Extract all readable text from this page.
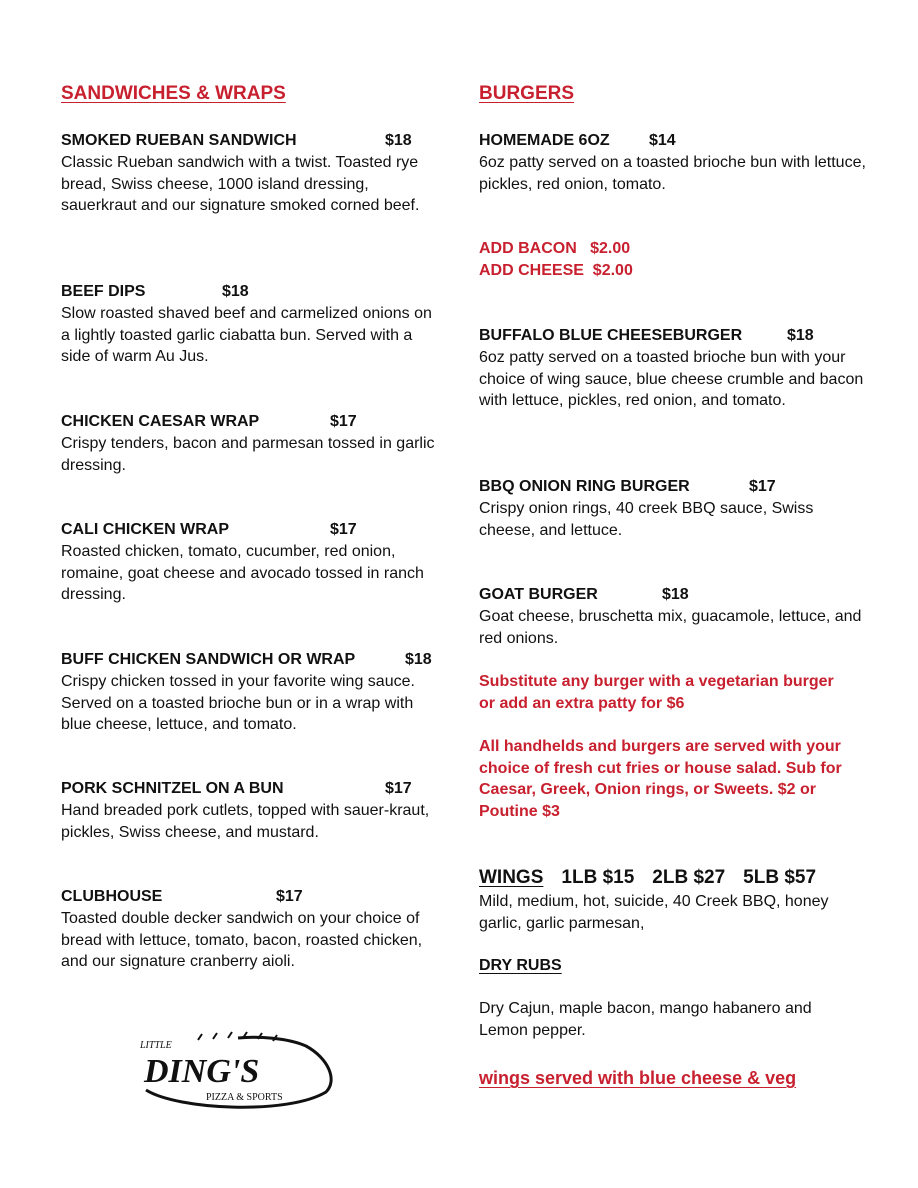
SANDWICHES & WRAPS
SMOKED RUEBAN SANDWICH	$18
Classic Rueban sandwich with a twist. Toasted rye bread, Swiss cheese, 1000 island dressing, sauerkraut and our signature smoked corned beef.
BEEF DIPS	$18
Slow roasted shaved beef and carmelized onions on a lightly toasted garlic ciabatta bun. Served with a side of warm Au Jus.
CHICKEN CAESAR WRAP	$17
Crispy tenders, bacon and parmesan tossed in garlic dressing.
CALI CHICKEN WRAP	$17
Roasted chicken, tomato, cucumber, red onion, romaine, goat cheese and avocado tossed in ranch dressing.
BUFF CHICKEN SANDWICH OR WRAP	$18
Crispy chicken tossed in your favorite wing sauce. Served on a toasted brioche bun or in a wrap with blue cheese, lettuce, and tomato.
PORK SCHNITZEL ON A BUN	$17
Hand breaded pork cutlets, topped with sauer-kraut, pickles, Swiss cheese, and mustard.
CLUBHOUSE	$17
Toasted double decker sandwich on your choice of bread with lettuce, tomato, bacon, roasted chicken, and our signature cranberry aioli.
BURGERS
HOMEMADE 6OZ $14
6oz patty served on a toasted brioche bun with lettuce, pickles, red onion, tomato.
ADD BACON   $2.00
ADD CHEESE  $2.00
BUFFALO BLUE CHEESEBURGER	$18
6oz patty served on a toasted brioche bun with your choice of wing sauce, blue cheese crumble and bacon with lettuce, pickles, red onion, and tomato.
BBQ ONION RING BURGER	$17
Crispy onion rings, 40 creek BBQ sauce, Swiss cheese, and lettuce.
GOAT BURGER	$18
Goat cheese, bruschetta mix, guacamole, lettuce, and red onions.
Substitute any burger with a vegetarian burger or add an extra patty for $6
All handhelds and burgers are served with your choice of fresh cut fries or house salad. Sub for Caesar, Greek, Onion rings, or Sweets. $2 or Poutine $3
WINGS 1LB $15 2LB $27 5LB $57
Mild, medium, hot, suicide, 40 Creek BBQ, honey garlic, garlic parmesan,
DRY RUBS
Dry Cajun, maple bacon, mango habanero and Lemon pepper.
wings served with blue cheese & veg
LITTLE
DING'S
PIZZA & SPORTS
